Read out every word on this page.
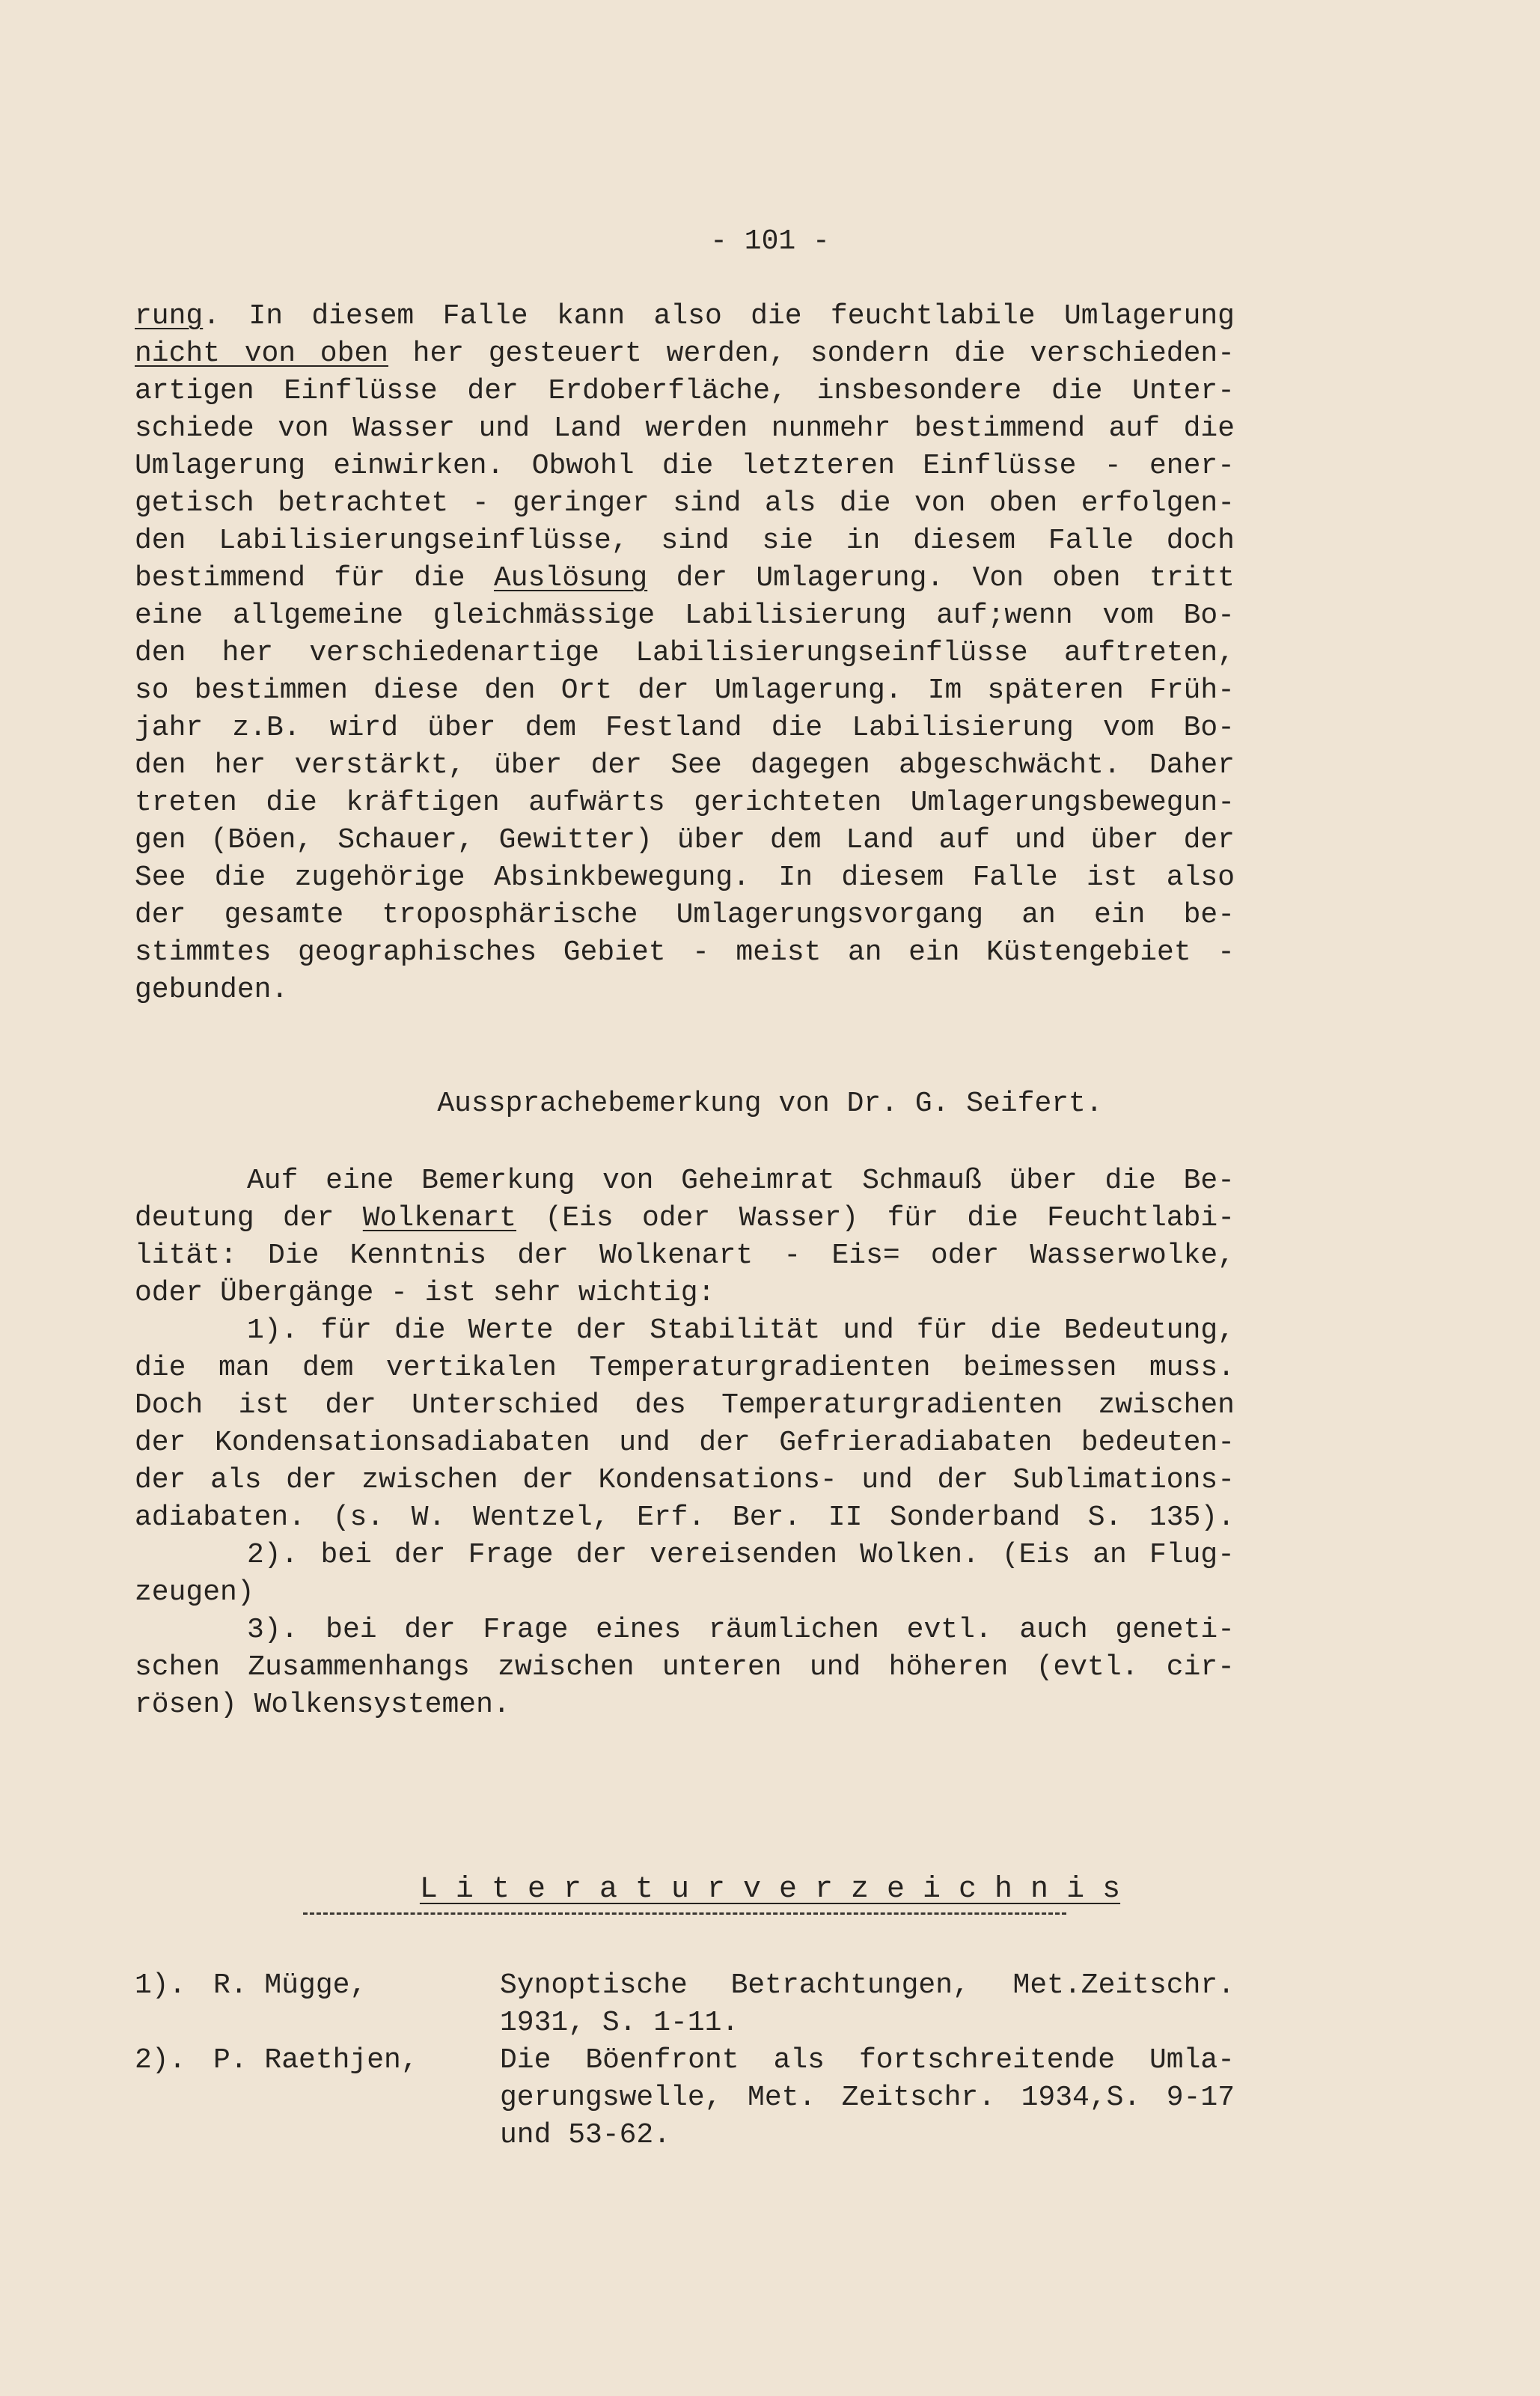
- 101 -
rung. In diesem Falle kann also die feuchtlabile Umlagerung
nicht von oben her gesteuert werden, sondern die verschieden-
artigen Einflüsse der Erdoberfläche, insbesondere die Unter-
schiede von Wasser und Land werden nunmehr bestimmend auf die
Umlagerung einwirken. Obwohl die letzteren Einflüsse - ener-
getisch betrachtet - geringer sind als die von oben erfolgen-
den Labilisierungseinflüsse, sind sie in diesem Falle doch
bestimmend für die Auslösung der Umlagerung. Von oben tritt
eine allgemeine gleichmässige Labilisierung auf;wenn vom Bo-
den her verschiedenartige Labilisierungseinflüsse auftreten,
so bestimmen diese den Ort der Umlagerung. Im späteren Früh-
jahr z.B. wird über dem Festland die Labilisierung vom Bo-
den her verstärkt, über der See dagegen abgeschwächt. Daher
treten die kräftigen aufwärts gerichteten Umlagerungsbewegun-
gen (Böen, Schauer, Gewitter) über dem Land auf und über der
See die zugehörige Absinkbewegung. In diesem Falle ist also
der gesamte troposphärische Umlagerungsvorgang an ein be-
stimmtes geographisches Gebiet - meist an ein Küstengebiet -
gebunden.
Aussprachebemerkung von Dr. G. Seifert.
Auf eine Bemerkung von Geheimrat Schmauß über die Be-
deutung der Wolkenart (Eis oder Wasser) für die Feuchtlabi-
lität: Die Kenntnis der Wolkenart - Eis= oder Wasserwolke,
oder Übergänge - ist sehr wichtig:
1). für die Werte der Stabilität und für die Bedeutung,
die man dem vertikalen Temperaturgradienten beimessen muss.
Doch ist der Unterschied des Temperaturgradienten zwischen
der Kondensationsadiabaten und der Gefrieradiabaten bedeuten-
der als der zwischen der Kondensations- und der Sublimations-
adiabaten. (s. W. Wentzel, Erf. Ber. II Sonderband S. 135).
2). bei der Frage der vereisenden Wolken. (Eis an Flug-
zeugen)
3). bei der Frage eines räumlichen evtl. auch geneti-
schen Zusammenhangs zwischen unteren und höheren (evtl. cir-
rösen) Wolkensystemen.
L i t e r a t u r v e r z e i c h n i s
1). R. Mügge,	Synoptische Betrachtungen, Met.Zeitschr.
1931, S. 1-11.
2). P. Raethjen,	Die Böenfront als fortschreitende Umla-
gerungswelle, Met. Zeitschr. 1934,S. 9-17
und 53-62.
